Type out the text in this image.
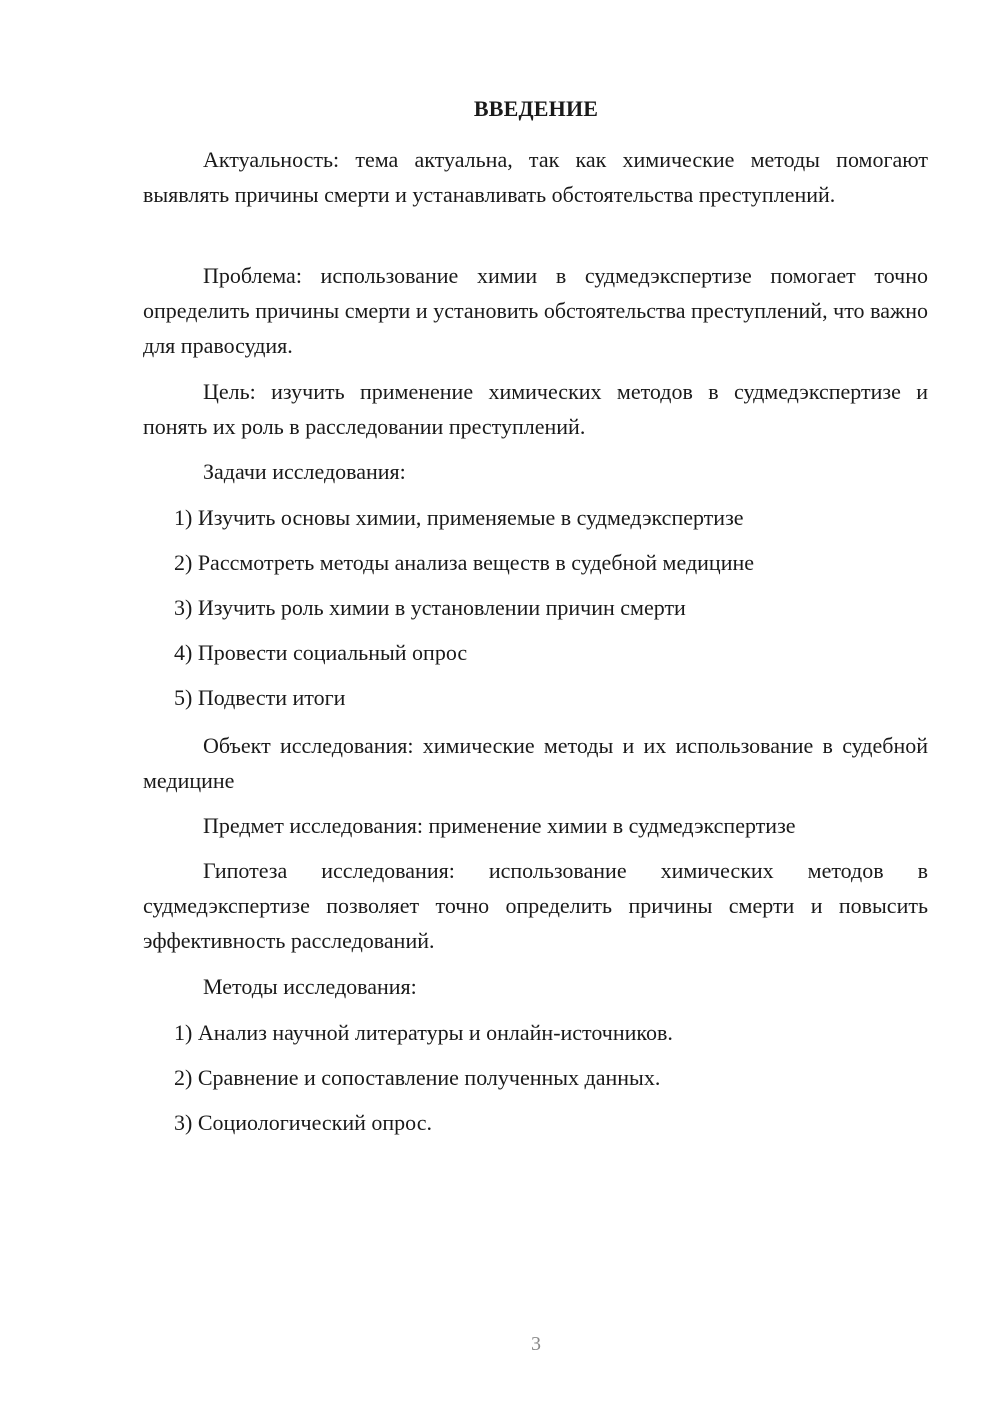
ВВЕДЕНИЕ

Актуальность: тема актуальна, так как химические методы помогают выявлять причины смерти и устанавливать обстоятельства преступлений.

Проблема: использование химии в судмедэкспертизе помогает точно определить причины смерти и установить обстоятельства преступлений, что важно для правосудия.

Цель: изучить применение химических методов в судмедэкспертизе и понять их роль в расследовании преступлений.

Задачи исследования:

1) Изучить основы химии, применяемые в судмедэкспертизе

2) Рассмотреть методы анализа веществ в судебной медицине

3) Изучить роль химии в установлении причин смерти

4) Провести социальный опрос

5) Подвести итоги

Объект исследования: химические методы и их использование в судебной медицине

Предмет исследования: применение химии в судмедэкспертизе

Гипотеза исследования: использование химических методов в судмедэкспертизе позволяет точно определить причины смерти и повысить эффективность расследований.

Методы исследования:

1) Анализ научной литературы и онлайн-источников.

2) Сравнение и сопоставление полученных данных.

3) Социологический опрос.

3
